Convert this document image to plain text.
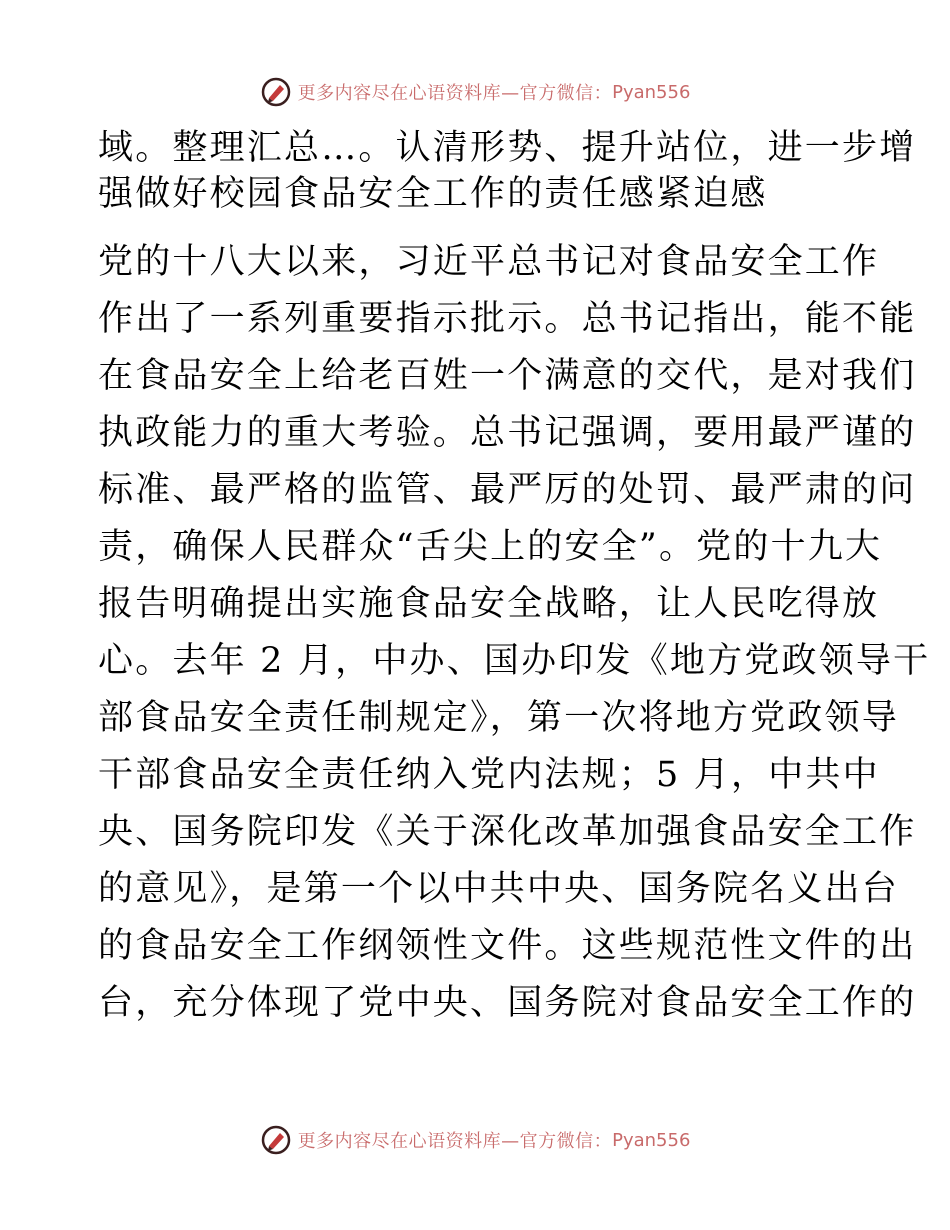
更多内容尽在心语资料库—官方微信： Pyan556

域。整理汇总…。认清形势、提升站位，进一步增

强做好校园食品安全工作的责任感紧迫感

党的十八大以来，习近平总书记对食品安全工作

作出了一系列重要指示批示。总书记指出，能不能

在食品安全上给老百姓一个满意的交代，是对我们

执政能力的重大考验。总书记强调，要用最严谨的

标准、最严格的监管、最严厉的处罚、最严肃的问

责，确保人民群众“舌尖上的安全”。党的十九大

报告明确提出实施食品安全战略，让人民吃得放

心。去年 2 月，中办、国办印发《地方党政领导干

部食品安全责任制规定》，第一次将地方党政领导

干部食品安全责任纳入党内法规；5 月，中共中

央、国务院印发《关于深化改革加强食品安全工作

的意见》，是第一个以中共中央、国务院名义出台

的食品安全工作纲领性文件。这些规范性文件的出

台，充分体现了党中央、国务院对食品安全工作的

更多内容尽在心语资料库—官方微信： Pyan556
